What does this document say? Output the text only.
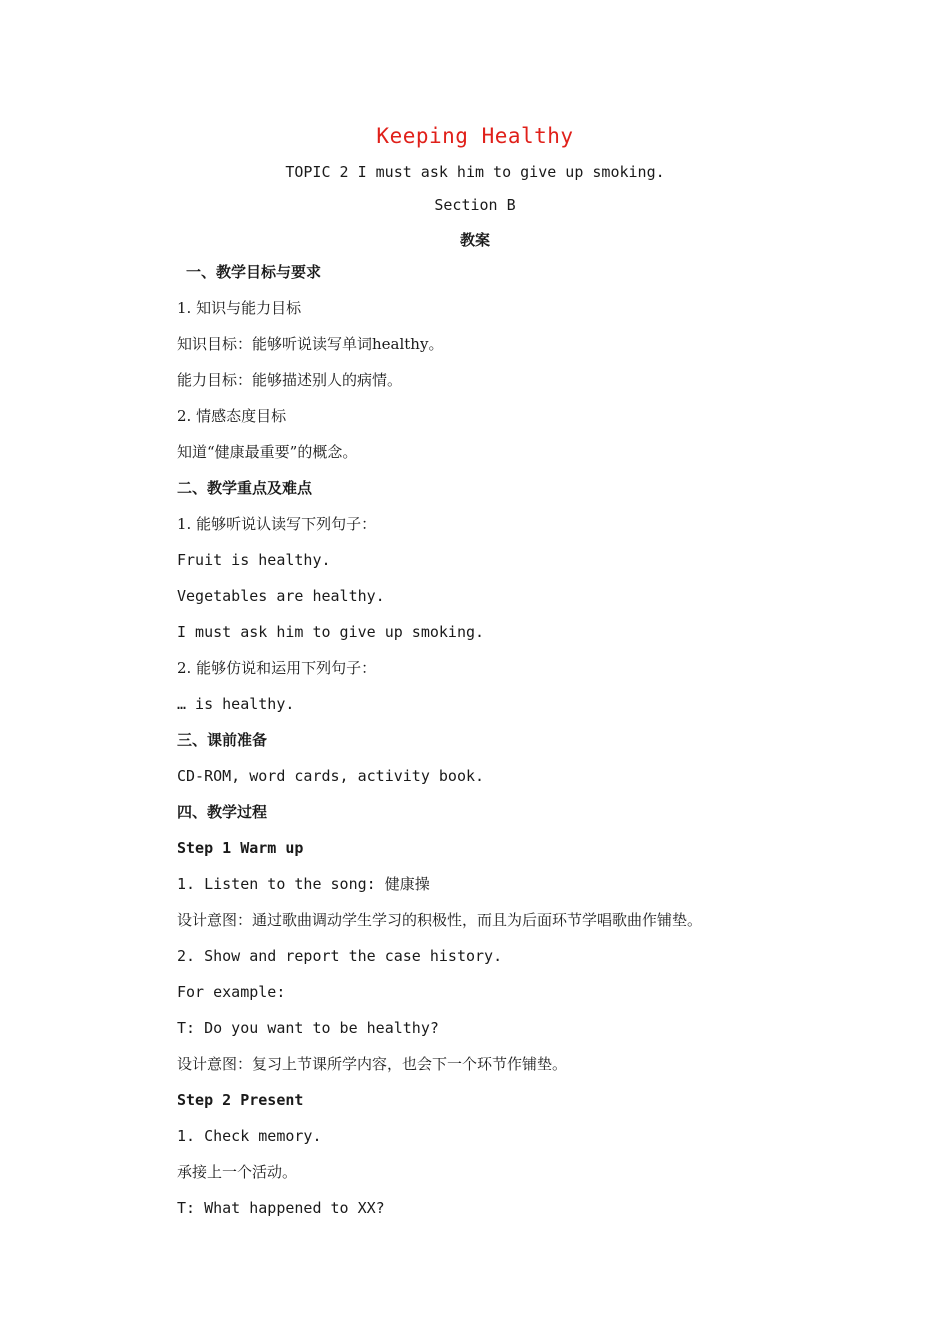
Keeping Healthy
TOPIC 2 I must ask him to give up smoking.
Section B
教案
一、教学目标与要求
1. 知识与能力目标
知识目标：能够听说读写单词healthy。
能力目标：能够描述别人的病情。
2. 情感态度目标
知道“健康最重要”的概念。
二、教学重点及难点
1. 能够听说认读写下列句子：
Fruit is healthy.
Vegetables are healthy.
I must ask him to give up smoking.
2. 能够仿说和运用下列句子：
… is healthy.
三、课前准备
CD-ROM, word cards, activity book.
四、教学过程
Step 1 Warm up
1. Listen to the song: 健康操
设计意图：通过歌曲调动学生学习的积极性，而且为后面环节学唱歌曲作铺垫。
2. Show and report the case history.
For example:
T: Do you want to be healthy?
设计意图：复习上节课所学内容，也会下一个环节作铺垫。
Step 2 Present
1. Check memory.
承接上一个活动。
T: What happened to XX?
